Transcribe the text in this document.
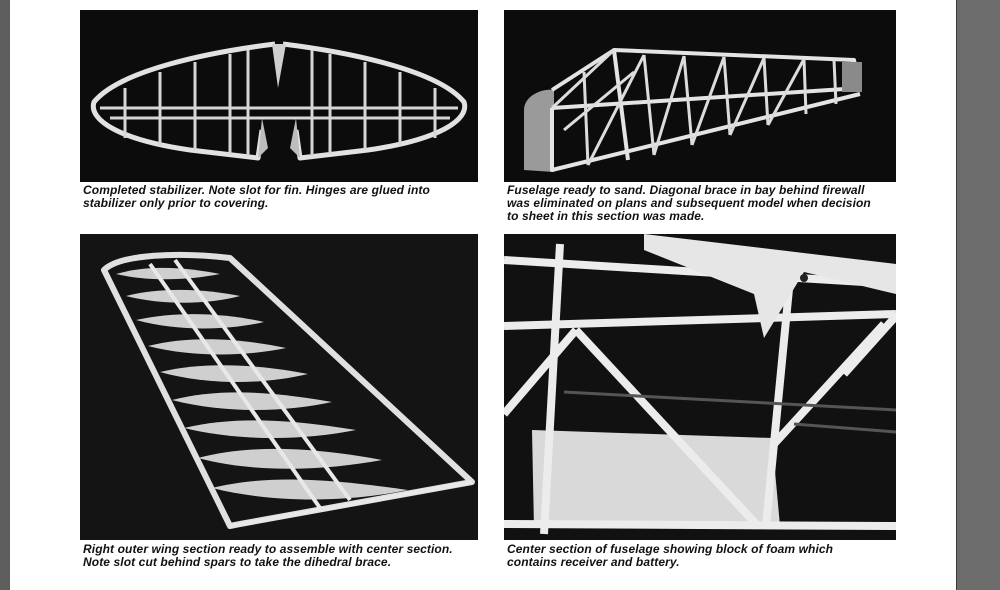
Completed stabilizer. Note slot for fin. Hinges are glued into
stabilizer only prior to covering.
Fuselage ready to sand. Diagonal brace in bay behind firewall
was eliminated on plans and subsequent model when decision
to sheet in this section was made.
Right outer wing section ready to assemble with center section.
Note slot cut behind spars to take the dihedral brace.
Center section of fuselage showing block of foam which
contains receiver and battery.
